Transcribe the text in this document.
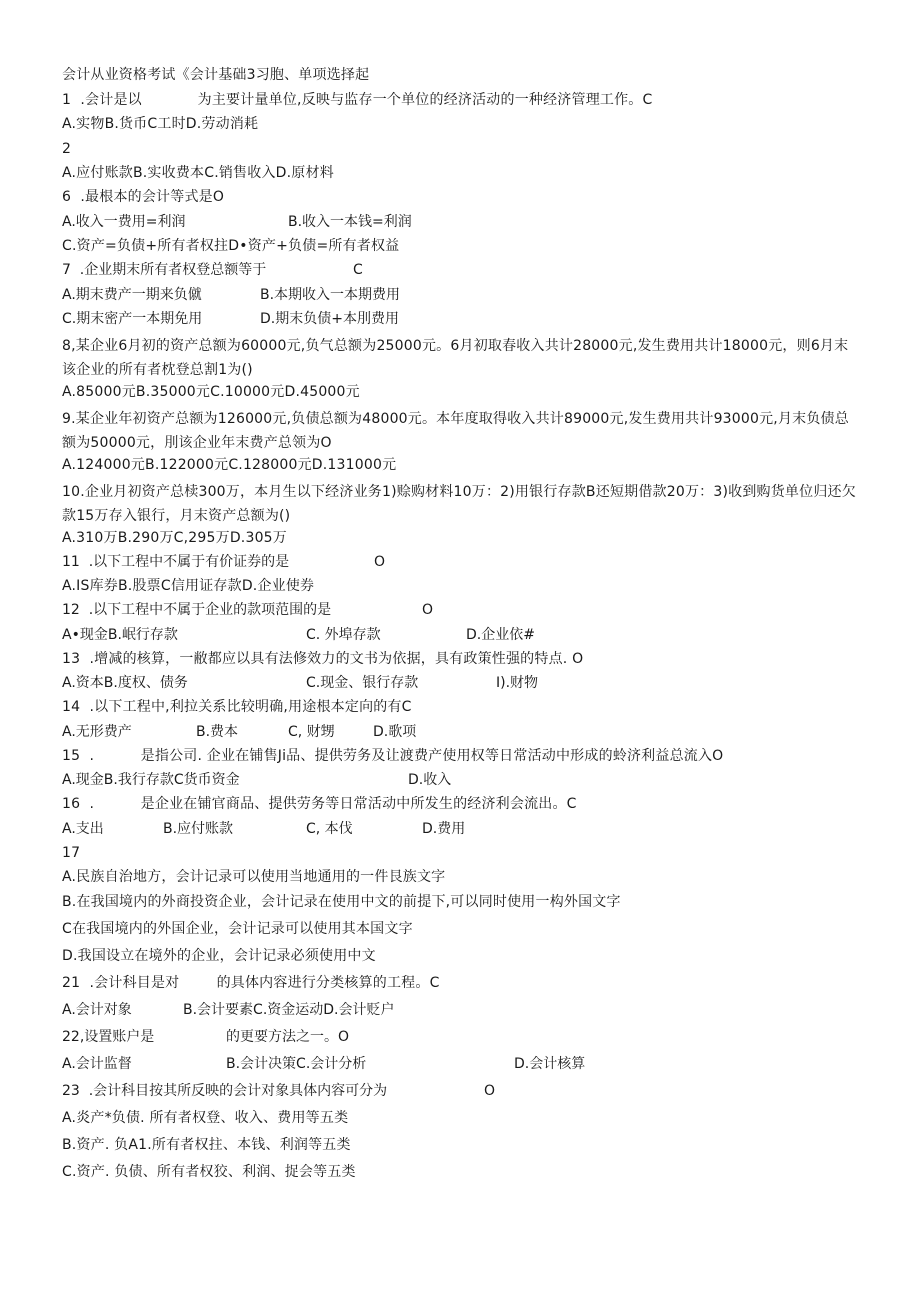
会计从业资格考试《会计基础3习胞、单项选择起
1  .会计是以            为主要计量单位,反映与监存一个单位的经济活动的一种经济管理工作。C
A.实物B.货币C工时D.劳动消耗
2
A.应付账款B.实收费本C.销售收入D.原材料
6  .最根本的会计等式是O
A.收入一费用=利润	B.收入一本钱=利润
C.资产=负债+所有者权拄D•资产+负债=所有者权益
7  .企业期末所有者权登总额等于	C
A.期末费产一期来负僦	B.本期收入一本期费用
C.期末密产一本期免用	D.期末负债+本刖费用
8,某企业6月初的资产总额为60000元,负气总额为25000元。6月初取春收入共计28000元,发生费用共计18000元，则6月末该企业的所有者枕登总割1为()
A.85000元B.35000元C.10000元D.45000元
9.某企业年初资产总额为126000元,负债总额为48000元。本年度取得收入共计89000元,发生费用共计93000元,月末负债总额为50000元，刖该企业年末费产总领为O
A.124000元B.122000元C.128000元D.131000元
10.企业月初资产总椟300万，本月生以下经济业务1)赊购材料10万：2)用银行存款B还短期借款20万：3)收到购货单位归还欠款15万存入银行，月末资产总额为()
A.310万B.290万C,295万D.305万
11  .以下工程中不属于有价证券的是	O
A.IS库券B.股票C信用证存款D.企业使券
12  .以下工程中不属于企业的款项范围的是	O
A•现金B.岷行存款	C. 外埠存款	D.企业依#
13  .增减的核算，一敝都应以具有法修效力的文书为依据，具有政策性强的特点. O
A.资本B.度权、债务	C.现金、银行存款	I).财物
14  .以下工程中,利拉关系比较明确,用途根本定向的有C
A.无形费产	B.费本	C, 财甥	D.歌项
15  .          是指公司. 企业在铺售Ji品、提供劳务及让渡费产使用权等日常活动中形成的蛉济利益总流入O
A.现金B.我行存款C货币资金	D.收入
16  .          是企业在铺官商品、提供劳务等日常活动中所发生的经济利会流出。C
A.支出	B.应付账款	C, 本伐	D.费用
17
A.民族自治地方，会计记录可以使用当地通用的一件艮族文字
B.在我国境内的外商投资企业，会计记录在使用中文的前提下,可以同时使用一构外国文字
C在我国境内的外国企业，会计记录可以使用其本国文字
D.我国设立在境外的企业，会计记录必须使用中文
21  .会计科目是对        的具体内容进行分类核算的工程。C
A.会计对象	B.会计要素C.资金运动D.会计贬户
22,设置账户是	的更要方法之一。O
A.会计监督	B.会计决策C.会计分析	D.会计核算
23  .会计科目按其所反映的会计对象具体内容可分为	O
A.炎产*负债. 所有者权登、收入、费用等五类
B.资产. 负A1.所有者权拄、本钱、利润等五类
C.资产. 负债、所有者权狡、利润、捉会等五类
